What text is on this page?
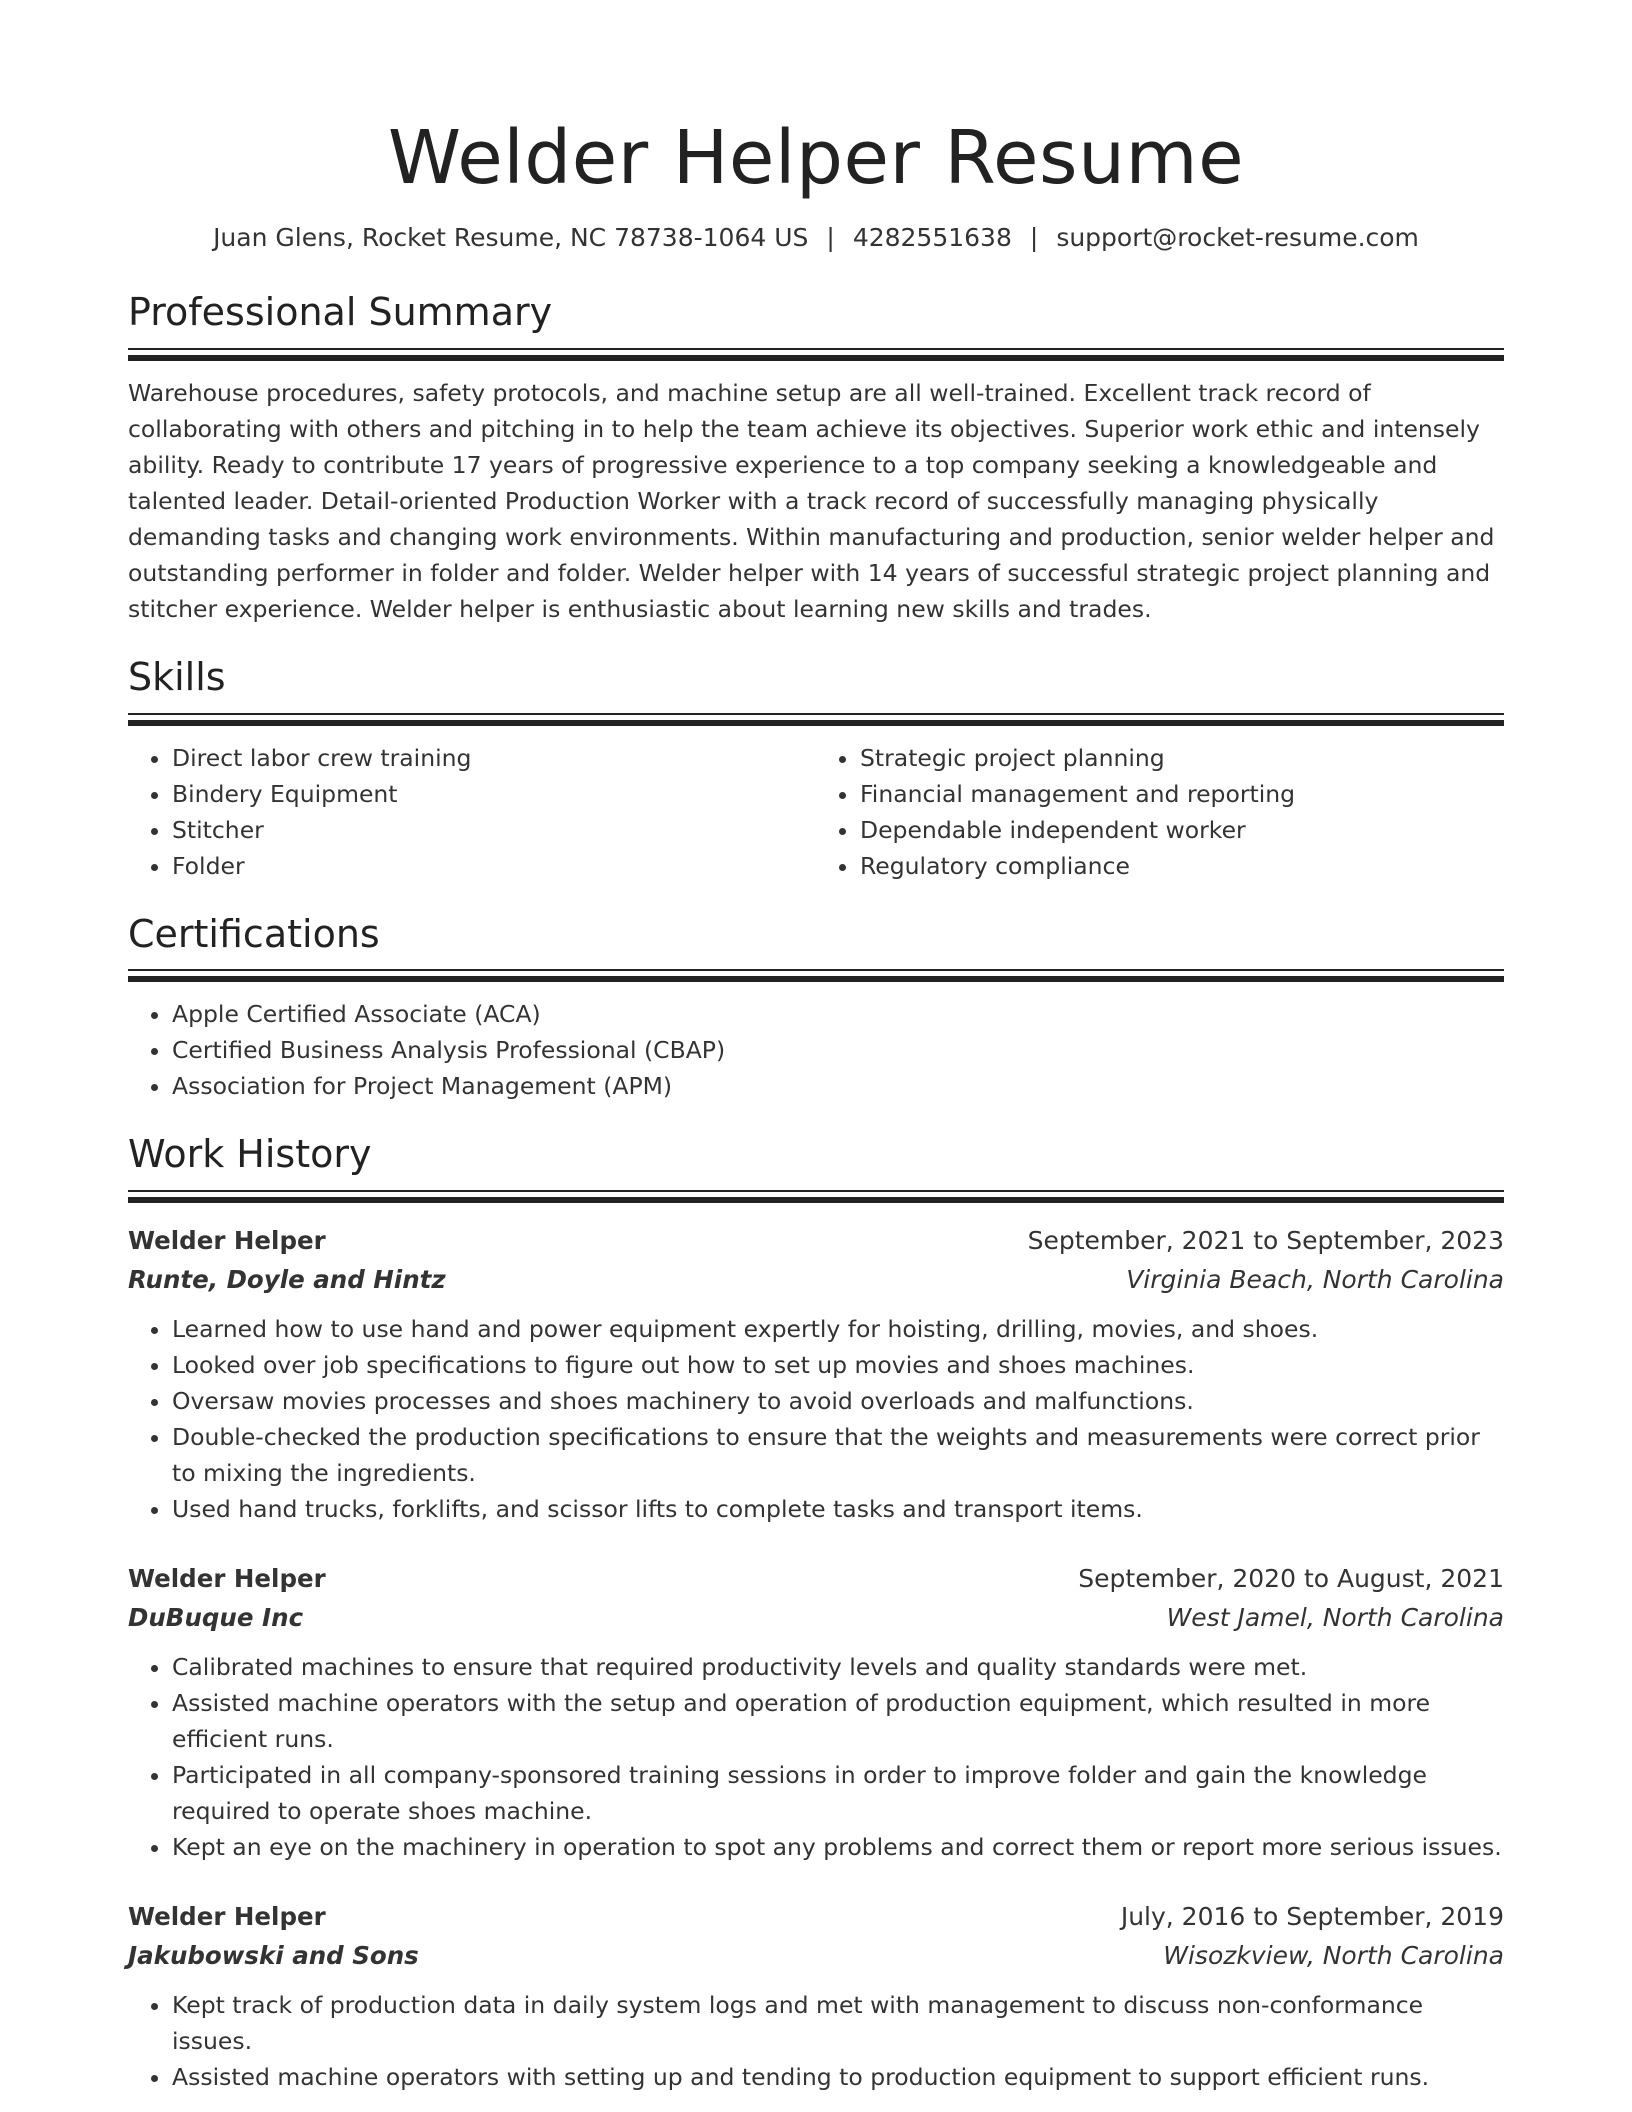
Welder Helper Resume
Juan Glens, Rocket Resume, NC 78738-1064 US | 4282551638 | support@rocket-resume.com
Professional Summary

Warehouse procedures, safety protocols, and machine setup are all well-trained. Excellent track record of collaborating with others and pitching in to help the team achieve its objectives. Superior work ethic and intensely ability. Ready to contribute 17 years of progressive experience to a top company seeking a knowledgeable and talented leader. Detail-oriented Production Worker with a track record of successfully managing physically demanding tasks and changing work environments. Within manufacturing and production, senior welder helper and outstanding performer in folder and folder. Welder helper with 14 years of successful strategic project planning and stitcher experience. Welder helper is enthusiastic about learning new skills and trades.

Skills
• Direct labor crew training
• Bindery Equipment
• Stitcher
• Folder
• Strategic project planning
• Financial management and reporting
• Dependable independent worker
• Regulatory compliance
Certifications
• Apple Certified Associate (ACA)
• Certified Business Analysis Professional (CBAP)
• Association for Project Management (APM)
Work History
Welder Helper	September, 2021 to September, 2023
Runte, Doyle and Hintz	Virginia Beach, North Carolina
• Learned how to use hand and power equipment expertly for hoisting, drilling, movies, and shoes.
• Looked over job specifications to figure out how to set up movies and shoes machines.
• Oversaw movies processes and shoes machinery to avoid overloads and malfunctions.
• Double-checked the production specifications to ensure that the weights and measurements were correct prior to mixing the ingredients.
• Used hand trucks, forklifts, and scissor lifts to complete tasks and transport items.
Welder Helper	September, 2020 to August, 2021
DuBuque Inc	West Jamel, North Carolina
• Calibrated machines to ensure that required productivity levels and quality standards were met.
• Assisted machine operators with the setup and operation of production equipment, which resulted in more efficient runs.
• Participated in all company-sponsored training sessions in order to improve folder and gain the knowledge required to operate shoes machine.
• Kept an eye on the machinery in operation to spot any problems and correct them or report more serious issues.
Welder Helper	July, 2016 to September, 2019
Jakubowski and Sons	Wisozkview, North Carolina
• Kept track of production data in daily system logs and met with management to discuss non-conformance issues.
• Assisted machine operators with setting up and tending to production equipment to support efficient runs.
